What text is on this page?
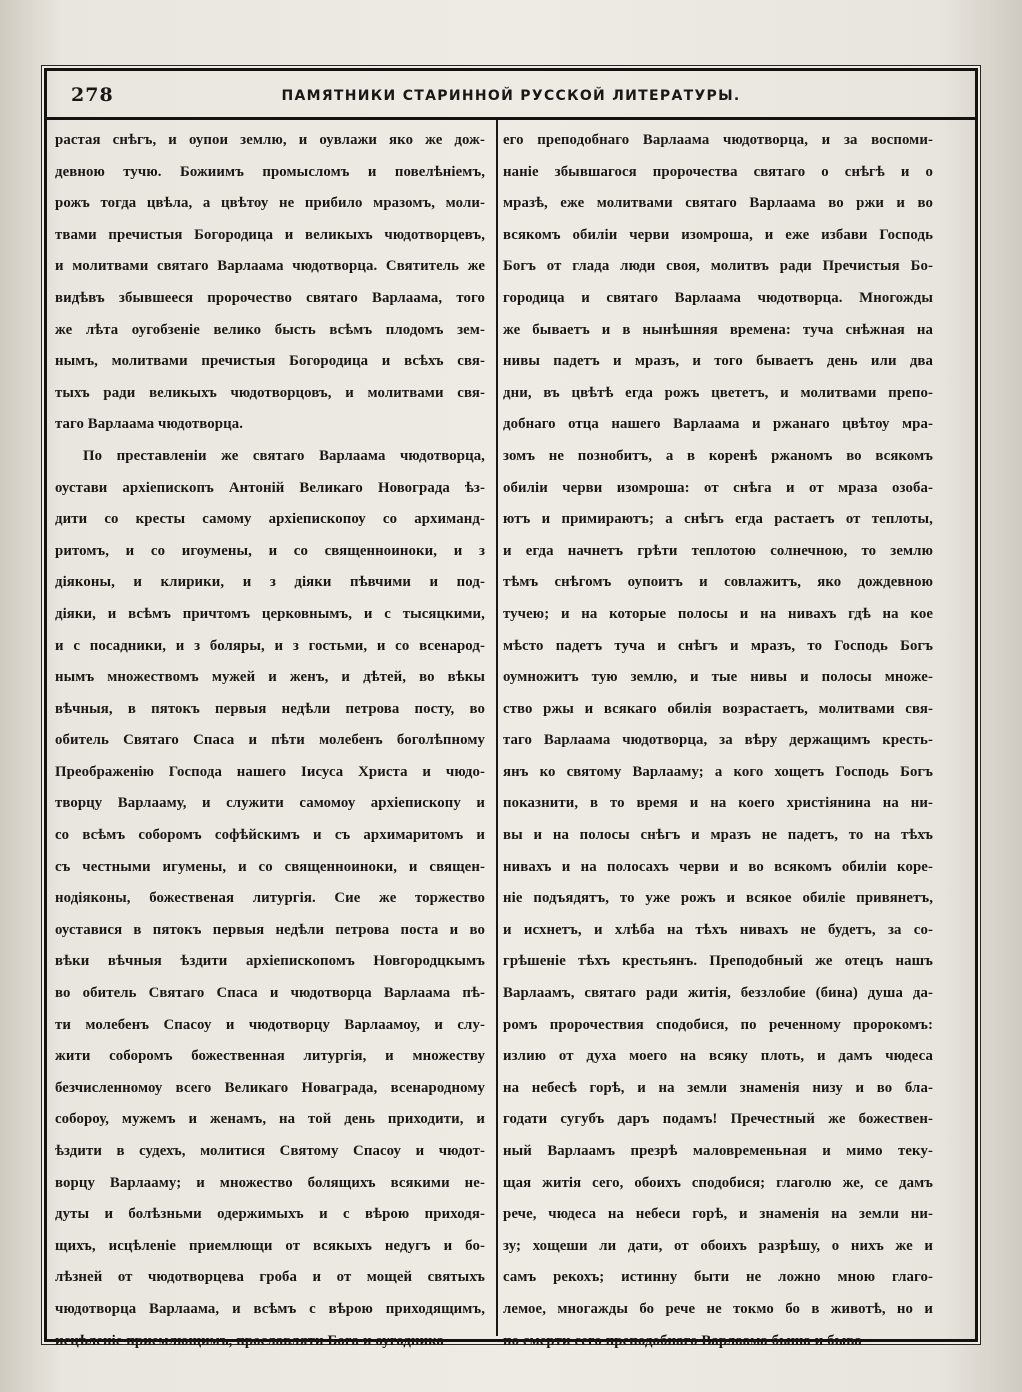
278	ПАМЯТНИКИ СТАРИННОЙ РУССКОЙ ЛИТЕРАТУРЫ.
растая снѣгъ, и оупои землю, и оувлажи яко же дож-
девною тучю. Божиимъ промысломъ и повелѣніемъ,
рожъ тогда цвѣла, а цвѣтоу не прибило мразомъ, моли-
твами пречистыя Богородица и великыхъ чюдотворцевъ,
и молитвами святаго Варлаама чюдотворца. Святитель же
видѣвъ збывшееся пророчество святаго Варлаама, того
же лѣта оугобзеніе велико бысть всѣмъ плодомъ зем-
нымъ, молитвами пречистыя Богородица и всѣхъ свя-
тыхъ ради великыхъ чюдотворцовъ, и молитвами свя-
таго Варлаама чюдотворца.
По преставленіи же святаго Варлаама чюдотворца,
оустави архіепископъ Антоній Великаго Новограда ѣз-
дити со кресты самому архіепископоу со архиманд-
ритомъ, и со игоумены, и со священноиноки, и з
діяконы, и клирики, и з діяки пѣвчими и под-
діяки, и всѣмъ причтомъ церковнымъ, и с тысяцкими,
и с посадники, и з боляры, и з гостьми, и со всенарод-
нымъ множествомъ мужей и женъ, и дѣтей, во вѣкы
вѣчныя, в пятокъ первыя недѣли петрова посту, во
обитель Святаго Спаса и пѣти молебенъ боголѣпному
Преображенію Господа нашего Іисуса Христа и чюдо-
творцу Варлааму, и служити самомоу архіепископу и
со всѣмъ соборомъ софѣйскимъ и съ архимаритомъ и
съ честными игумены, и со священноиноки, и священ-
нодіяконы, божественая литургія. Сие же торжество
оуставися в пятокъ первыя недѣли петрова поста и во
вѣки вѣчныя ѣздити архіепископомъ Новгородцкымъ
во обитель Святаго Спаса и чюдотворца Варлаама пѣ-
ти молебенъ Спасоу и чюдотворцу Варлаамоу, и слу-
жити соборомъ божественная литургія, и множеству
безчисленномоу всего Великаго Новаграда, всенародному
собороу, мужемъ и женамъ, на той день приходити, и
ѣздити в судехъ, молитися Святому Спасоу и чюдот-
ворцу Варлааму; и множество болящихъ всякими не-
дуты и болѣзньми одержимыхъ и с вѣрою приходя-
щихъ, исцѣленіе приемлющи от всякыхъ недугъ и бо-
лѣзней от чюдотворцева гроба и от мощей святыхъ
чюдотворца Варлаама, и всѣмъ с вѣрою приходящимъ,
исцѣленіе приемлющимъ, прославляти Бога и оугодника
его преподобнаго Варлаама чюдотворца, и за воспоми-
наніе збывшагося пророчества святаго о снѣгѣ и о
мразѣ, еже молитвами святаго Варлаама во ржи и во
всякомъ обиліи черви изомроша, и еже избави Господь
Богъ от глада люди своя, молитвъ ради Пречистыя Бо-
городица и святаго Варлаама чюдотворца. Многожды
же бываетъ и в нынѣшняя времена: туча снѣжная на
нивы падетъ и мразъ, и того бываетъ день или два
дни, въ цвѣтѣ егда рожъ цвететъ, и молитвами препо-
добнаго отца нашего Варлаама и ржанаго цвѣтоу мра-
зомъ не познобитъ, а в коренѣ ржаномъ во всякомъ
обиліи черви изомроша: от снѣга и от мраза озоба-
ютъ и примираютъ; а снѣгъ егда растаетъ от теплоты,
и егда начнетъ грѣти теплотою солнечною, то землю
тѣмъ снѣгомъ оупоитъ и совлажитъ, яко дождевною
тучею; и на которые полосы и на нивахъ гдѣ на кое
мѣсто падетъ туча и снѣгъ и мразъ, то Господь Богъ
оумножитъ тую землю, и тые нивы и полосы множе-
ство ржы и всякаго обилія возрастаетъ, молитвами свя-
таго Варлаама чюдотворца, за вѣру держащимъ кресть-
янъ ко святому Варлааму; а кого хощетъ Господь Богъ
показнити, в то время и на коего христіянина на ни-
вы и на полосы снѣгъ и мразъ не падетъ, то на тѣхъ
нивахъ и на полосахъ черви и во всякомъ обиліи коре-
ніе подъядятъ, то уже рожъ и всякое обиліе привянетъ,
и исхнетъ, и хлѣба на тѣхъ нивахъ не будетъ, за со-
грѣшеніе тѣхъ крестьянъ. Преподобный же отецъ нашъ
Варлаамъ, святаго ради житія, беззлобие (бина) душа да-
ромъ пророчествия сподобися, по реченному пророкомъ:
излию от духа моего на всяку плоть, и дамъ чюдеса
на небесѣ горѣ, и на земли знаменія низу и во бла-
годати сугубъ даръ подамъ! Пречестный же божествен-
ный Варлаамъ презрѣ маловременьная и мимо теку-
щая житія сего, обоихъ сподобися; глаголю же, се дамъ
рече, чюдеса на небеси горѣ, и знаменія на земли ни-
зу; хощеши ли дати, от обоихъ разрѣшу, о нихъ же и
самъ рекохъ; истинну быти не ложно мною глаго-
лемое, многажды бо рече не токмо бо в животѣ, но и
по смерти сего преподобнаго Варлаама быша и быва-
